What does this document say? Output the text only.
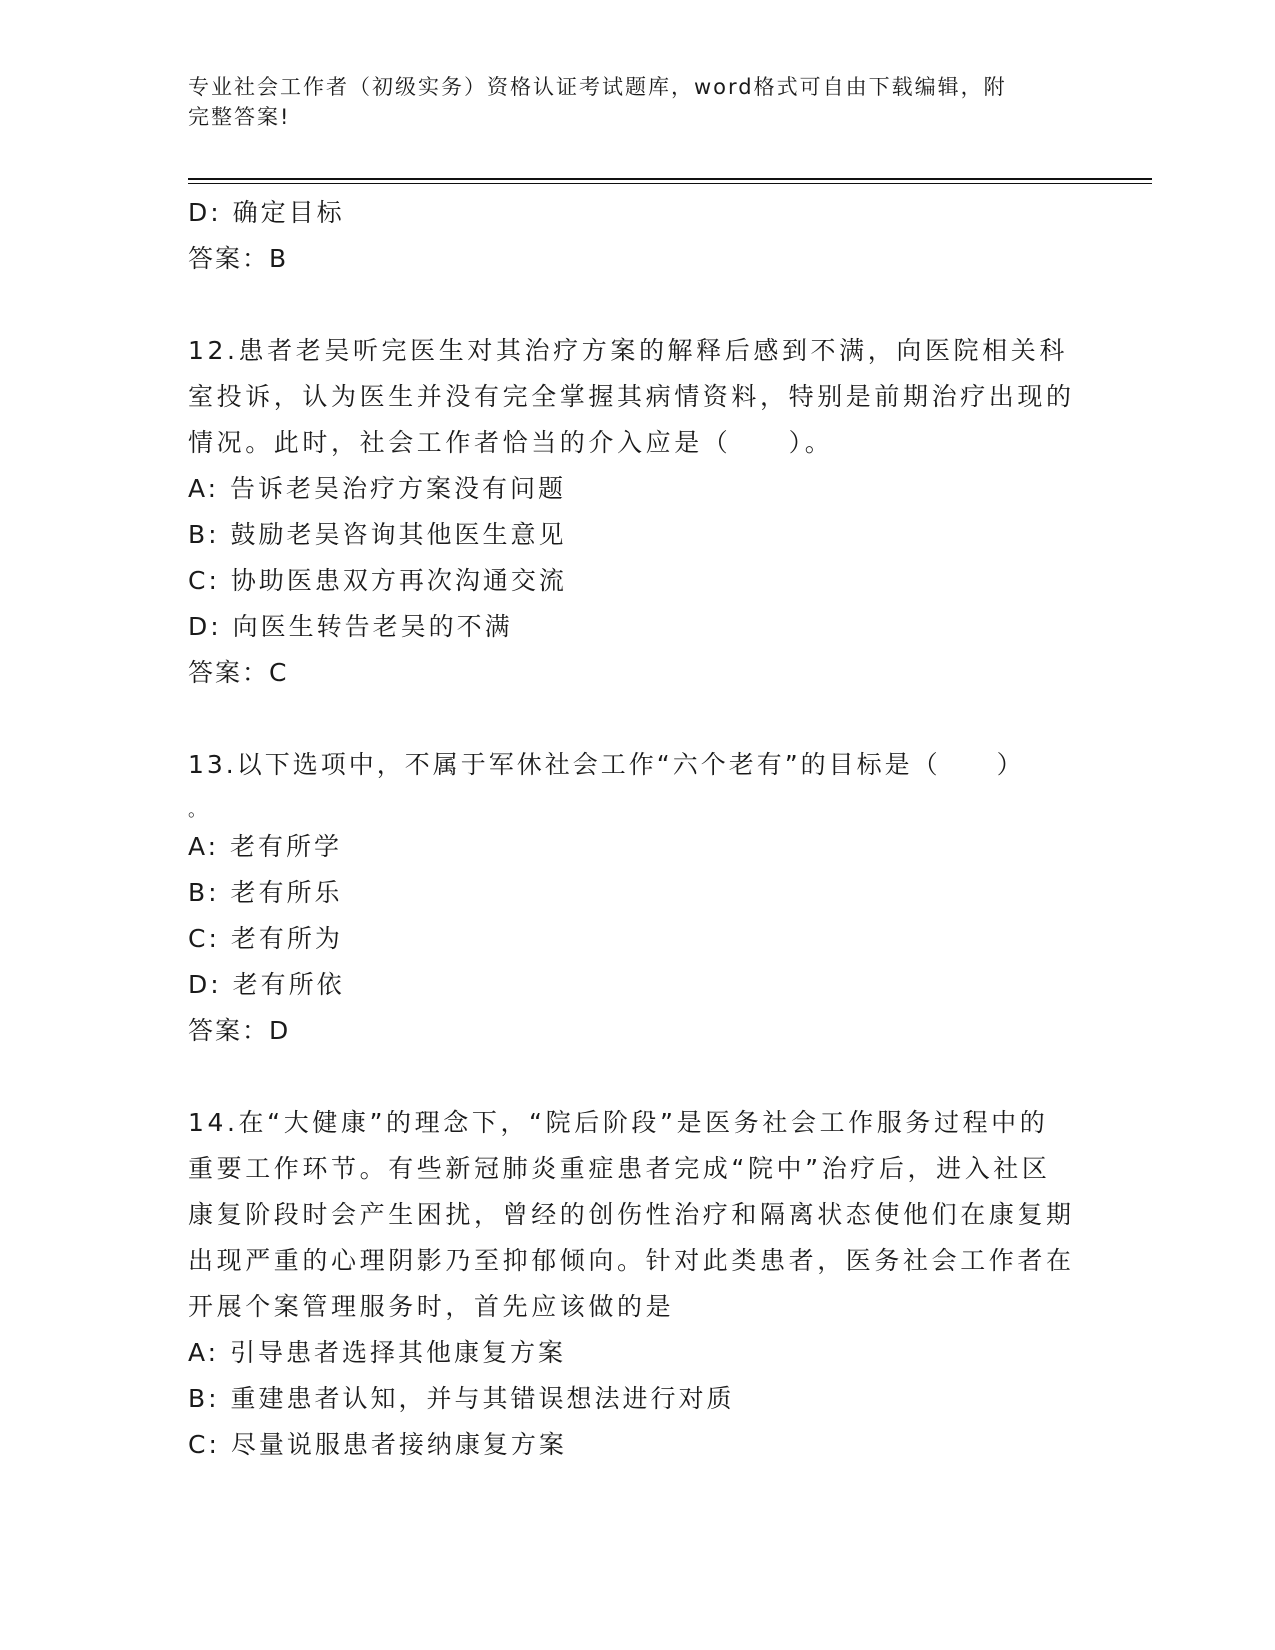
专业社会工作者（初级实务）资格认证考试题库，word格式可自由下载编辑，附
完整答案!
D: 确定目标
答案：B
12.患者老吴听完医生对其治疗方案的解释后感到不满，向医院相关科室投诉，认为医生并没有完全掌握其病情资料，特别是前期治疗出现的情况。此时，社会工作者恰当的介入应是（　　）。
A: 告诉老吴治疗方案没有问题
B: 鼓励老吴咨询其他医生意见
C: 协助医患双方再次沟通交流
D: 向医生转告老吴的不满
答案：C
13.以下选项中，不属于军休社会工作“六个老有”的目标是（　　）
。
A: 老有所学
B: 老有所乐
C: 老有所为
D: 老有所依
答案：D
14.在“大健康”的理念下，“院后阶段”是医务社会工作服务过程中的重要工作环节。有些新冠肺炎重症患者完成“院中”治疗后，进入社区康复阶段时会产生困扰，曾经的创伤性治疗和隔离状态使他们在康复期出现严重的心理阴影乃至抑郁倾向。针对此类患者，医务社会工作者在开展个案管理服务时，首先应该做的是
A: 引导患者选择其他康复方案
B: 重建患者认知，并与其错误想法进行对质
C: 尽量说服患者接纳康复方案
